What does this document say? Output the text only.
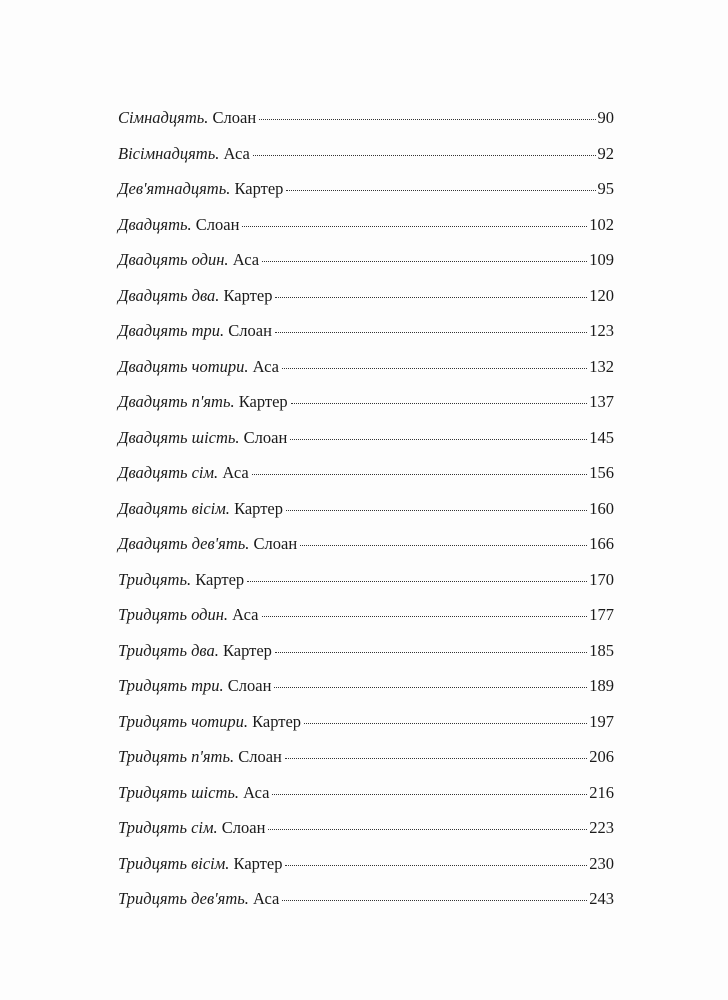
Сімнадцять. Слоан	90
Вісімнадцять. Аса	92
Дев'ятнадцять. Картер	95
Двадцять. Слоан	102
Двадцять один. Аса	109
Двадцять два. Картер	120
Двадцять три. Слоан	123
Двадцять чотири. Аса	132
Двадцять п'ять. Картер	137
Двадцять шість. Слоан	145
Двадцять сім. Аса	156
Двадцять вісім. Картер	160
Двадцять дев'ять. Слоан	166
Тридцять. Картер	170
Тридцять один. Аса	177
Тридцять два. Картер	185
Тридцять три. Слоан	189
Тридцять чотири. Картер	197
Тридцять п'ять. Слоан	206
Тридцять шість. Аса	216
Тридцять сім. Слоан	223
Тридцять вісім. Картер	230
Тридцять дев'ять. Аса	243
